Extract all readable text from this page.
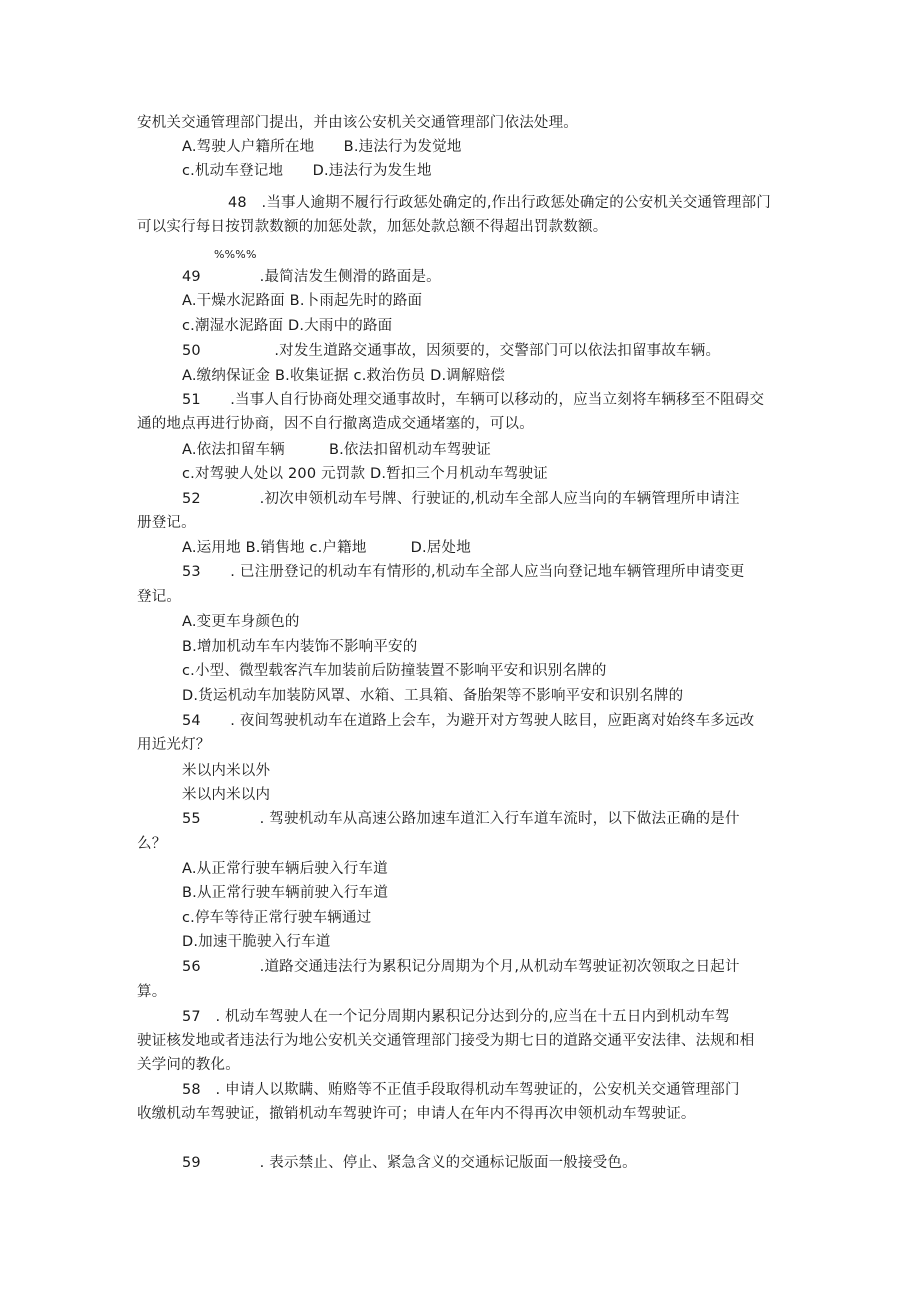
安机关交通管理部门提出，并由该公安机关交通管理部门依法处理。
A.驾驶人户籍所在地　　B.违法行为发觉地
c.机动车登记地　　D.违法行为发生地
48　.当事人逾期不履行行政惩处确定的,作出行政惩处确定的公安机关交通管理部门
可以实行每日按罚款数额的加惩处款，加惩处款总额不得超出罚款数额。
%%%%
49　　　　.最简洁发生侧滑的路面是。
A.干燥水泥路面 B.卜雨起先时的路面
c.潮湿水泥路面 D.大雨中的路面
50　　　　　.对发生道路交通事故，因须要的，交警部门可以依法扣留事故车辆。
A.缴纳保证金 B.收集证据 c.救治伤员 D.调解赔偿
51　　.当事人自行协商处理交通事故时，车辆可以移动的，应当立刻将车辆移至不阻碍交
通的地点再进行协商，因不自行撤离造成交通堵塞的，可以。
A.依法扣留车辆　　　B.依法扣留机动车驾驶证
c.对驾驶人处以 200 元罚款 D.暂扣三个月机动车驾驶证
52　　　　.初次申领机动车号牌、行驶证的,机动车全部人应当向的车辆管理所申请注
册登记。
A.运用地 B.销售地 c.户籍地　　　D.居处地
53　　. 已注册登记的机动车有情形的,机动车全部人应当向登记地车辆管理所申请变更
登记。
A.变更车身颜色的
B.增加机动车车内装饰不影响平安的
c.小型、微型载客汽车加装前后防撞装置不影响平安和识别名牌的
D.货运机动车加装防风罩、水箱、工具箱、备胎架等不影响平安和识别名牌的
54　　. 夜间驾驶机动车在道路上会车，为避开对方驾驶人眩目，应距离对始终车多远改
用近光灯？
米以内米以外
米以内米以内
55　　　　. 驾驶机动车从高速公路加速车道汇入行车道车流时，以下做法正确的是什
么？
A.从正常行驶车辆后驶入行车道
B.从正常行驶车辆前驶入行车道
c.停车等待正常行驶车辆通过
D.加速干脆驶入行车道
56　　　　.道路交通违法行为累积记分周期为个月,从机动车驾驶证初次领取之日起计
算。
57　. 机动车驾驶人在一个记分周期内累积记分达到分的,应当在十五日内到机动车驾
驶证核发地或者违法行为地公安机关交通管理部门接受为期七日的道路交通平安法律、法规和相
关学问的教化。
58　. 申请人以欺瞒、贿赂等不正值手段取得机动车驾驶证的，公安机关交通管理部门
收缴机动车驾驶证，撤销机动车驾驶许可；申请人在年内不得再次申领机动车驾驶证。
59　　　　. 表示禁止、停止、紧急含义的交通标记版面一般接受色。
